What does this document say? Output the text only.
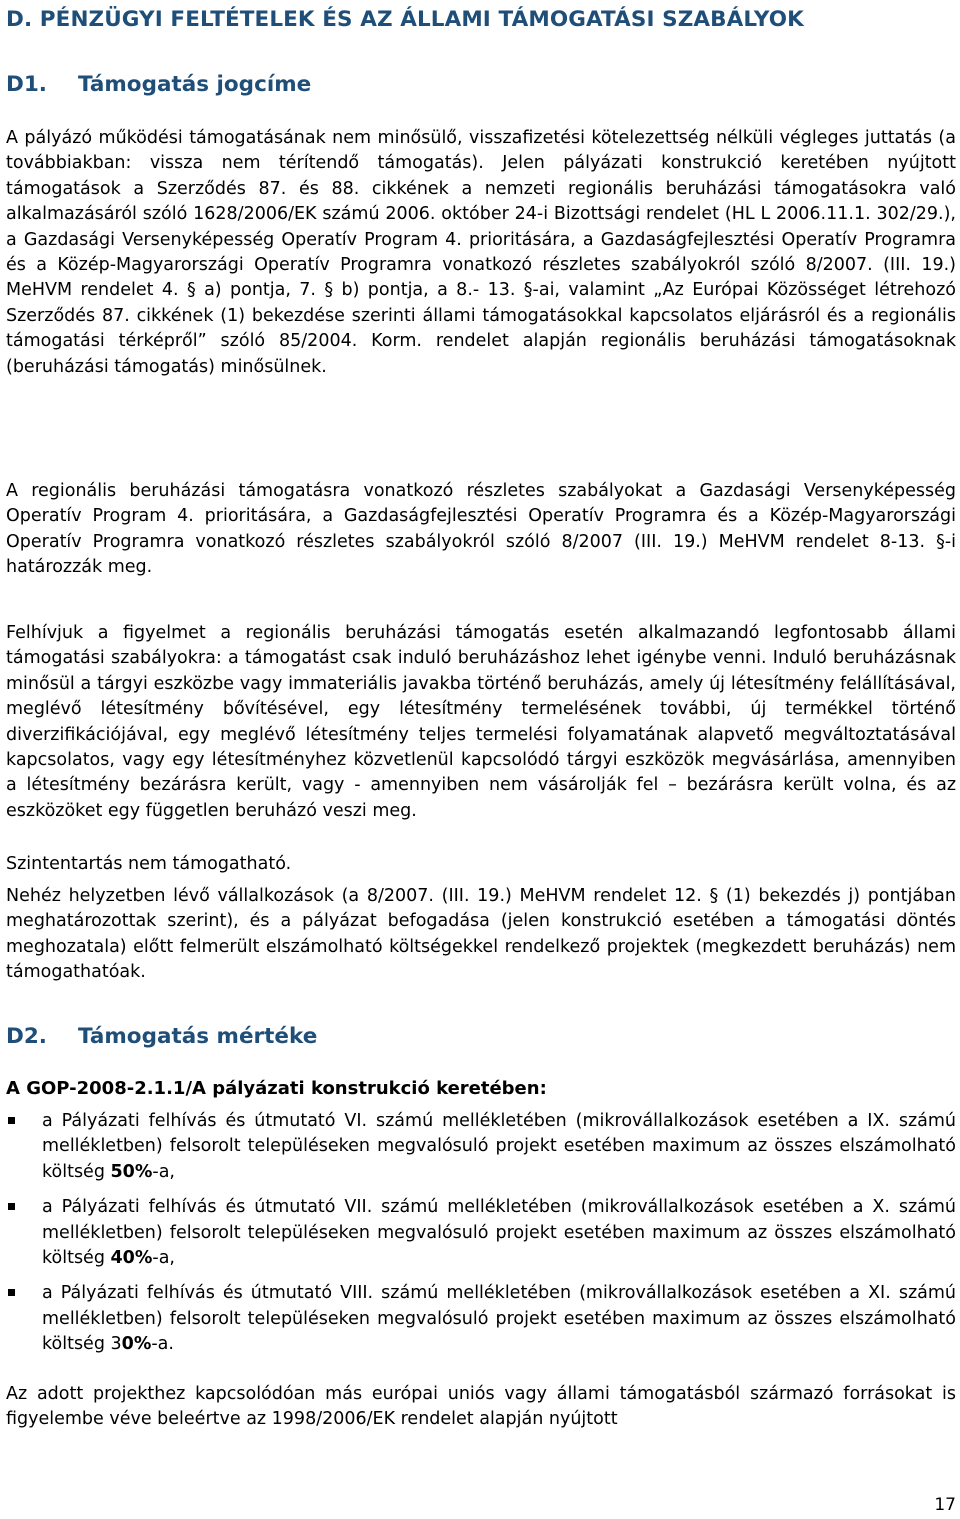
D. PÉNZÜGYI FELTÉTELEK ÉS AZ ÁLLAMI TÁMOGATÁSI SZABÁLYOK
D1. Támogatás jogcíme

A pályázó működési támogatásának nem minősülő, visszafizetési kötelezettség nélküli végleges juttatás (a továbbiakban: vissza nem térítendő támogatás). Jelen pályázati konstrukció keretében nyújtott támogatások a Szerződés 87. és 88. cikkének a nemzeti regionális beruházási támogatásokra való alkalmazásáról szóló 1628/2006/EK számú 2006. október 24-i Bizottsági rendelet (HL L 2006.11.1. 302/29.), a Gazdasági Versenyképesség Operatív Program 4. prioritására, a Gazdaságfejlesztési Operatív Programra és a Közép-Magyarországi Operatív Programra vonatkozó részletes szabályokról szóló 8/2007. (III. 19.) MeHVM rendelet 4. § a) pontja, 7. § b) pontja, a 8.- 13. §-ai, valamint „Az Európai Közösséget létrehozó Szerződés 87. cikkének (1) bekezdése szerinti állami támogatásokkal kapcsolatos eljárásról és a regionális támogatási térképről” szóló 85/2004. Korm. rendelet alapján regionális beruházási támogatásoknak (beruházási támogatás) minősülnek.

A regionális beruházási támogatásra vonatkozó részletes szabályokat a Gazdasági Versenyképesség Operatív Program 4. prioritására, a Gazdaságfejlesztési Operatív Programra és a Közép-Magyarországi Operatív Programra vonatkozó részletes szabályokról szóló 8/2007 (III. 19.) MeHVM rendelet 8-13. §-i határozzák meg.

Felhívjuk a figyelmet a regionális beruházási támogatás esetén alkalmazandó legfontosabb állami támogatási szabályokra: a támogatást csak induló beruházáshoz lehet igénybe venni. Induló beruházásnak minősül a tárgyi eszközbe vagy immateriális javakba történő beruházás, amely új létesítmény felállításával, meglévő létesítmény bővítésével, egy létesítmény termelésének további, új termékkel történő diverzifikációjával, egy meglévő létesítmény teljes termelési folyamatának alapvető megváltoztatásával kapcsolatos, vagy egy létesítményhez közvetlenül kapcsolódó tárgyi eszközök megvásárlása, amennyiben a létesítmény bezárásra került, vagy - amennyiben nem vásárolják fel – bezárásra került volna, és az eszközöket egy független beruházó veszi meg.

Szintentartás nem támogatható.

Nehéz helyzetben lévő vállalkozások (a 8/2007. (III. 19.) MeHVM rendelet 12. § (1) bekezdés j) pontjában meghatározottak szerint), és a pályázat befogadása (jelen konstrukció esetében a támogatási döntés meghozatala) előtt felmerült elszámolható költségekkel rendelkező projektek (megkezdett beruházás) nem támogathatóak.

D2. Támogatás mértéke

A GOP-2008-2.1.1/A pályázati konstrukció keretében:

a Pályázati felhívás és útmutató VI. számú mellékletében (mikrovállalkozások esetében a IX. számú mellékletben) felsorolt településeken megvalósuló projekt esetében maximum az összes elszámolható költség 50%-a,
a Pályázati felhívás és útmutató VII. számú mellékletében (mikrovállalkozások esetében a X. számú mellékletben) felsorolt településeken megvalósuló projekt esetében maximum az összes elszámolható költség 40%-a,
a Pályázati felhívás és útmutató VIII. számú mellékletében (mikrovállalkozások esetében a XI. számú mellékletben) felsorolt településeken megvalósuló projekt esetében maximum az összes elszámolható költség 30%-a.

Az adott projekthez kapcsolódóan más európai uniós vagy állami támogatásból származó forrásokat is figyelembe véve beleértve az 1998/2006/EK rendelet alapján nyújtott

17
